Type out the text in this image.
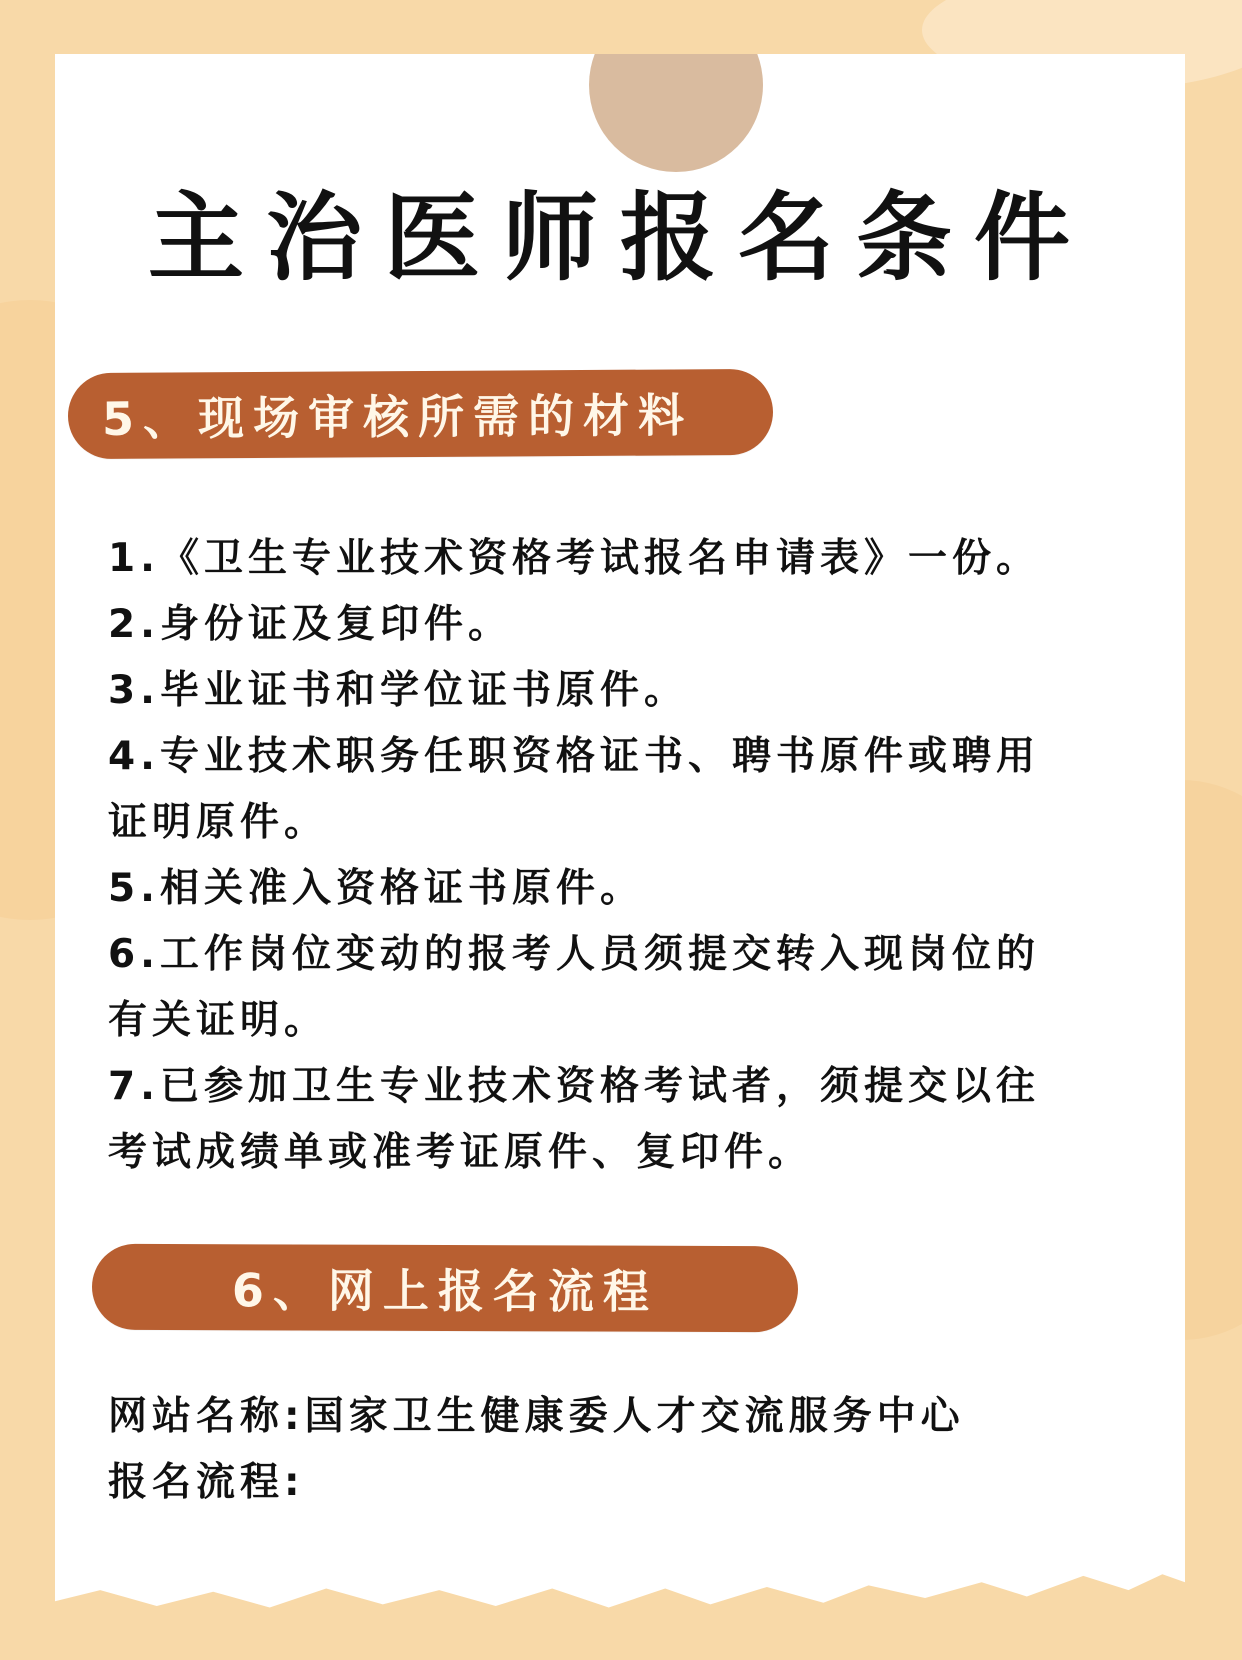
主治医师报名条件
5、现场审核所需的材料
1.《卫生专业技术资格考试报名申请表》一份。
2.身份证及复印件。
3.毕业证书和学位证书原件。
4.专业技术职务任职资格证书、聘书原件或聘用
证明原件。
5.相关准入资格证书原件。
6.工作岗位变动的报考人员须提交转入现岗位的
有关证明。
7.已参加卫生专业技术资格考试者，须提交以往
考试成绩单或准考证原件、复印件。
6、网上报名流程
网站名称:国家卫生健康委人才交流服务中心
报名流程:
